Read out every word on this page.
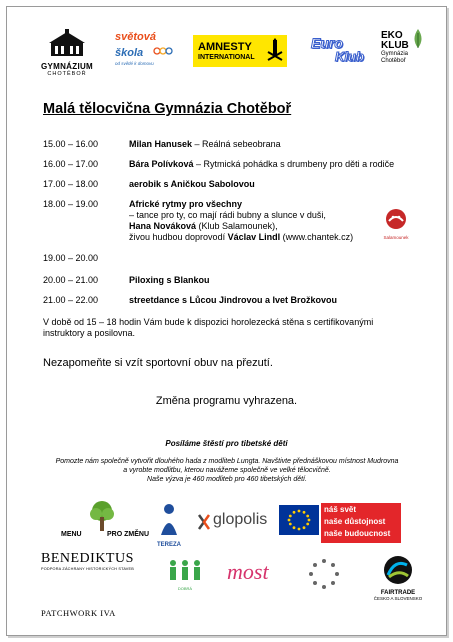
GYMNÁZIUM
CHOTĚBOŘ
světová
škola
od světlé k domovu
AMNESTY
INTERNATIONAL
Euro
Klub
EKO
KLUB
Gymnázia
Chotěboř
Malá tělocvična Gymnázia Chotěboř
15.00 – 16.00	Milan Hanusek – Reálná sebeobrana
16.00 – 17.00	Bára Polívková – Rytmická pohádka s drumbeny pro děti a rodiče
17.00 – 18.00	aerobik s Aničkou Sabolovou
18.00 – 19.00	Africké rytmy pro všechny
– tance pro ty, co mají rádi bubny a slunce v duši,
Hana Nováková (Klub Salamounek),
živou hudbou doprovodí Václav Lindl (www.chantek.cz)	Salamounek
19.00 – 20.00
20.00 – 21.00	Piloxing s Blankou
21.00 – 22.00	streetdance s Lůcou Jindrovou a Ivet Brožkovou
V době od 15 – 18 hodin Vám bude k dispozici horolezecká stěna s certifikovanými instruktory a posilovna.
Nezapomeňte si vzít sportovní obuv na přezutí.
Změna programu vyhrazena.
Posíláme štěstí pro tibetské děti
Pomozte nám společně vytvořit dlouhého hada z modliteb Lungta. Navštivte přednáškovou místnost Mudrovna
a vyrobte modlitbu, kterou navážeme společně ve velké tělocvičně.
Naše výzva je 460 modliteb pro 460 tibetských dětí.
MENU	PRO ZMĚNU
TEREZA
glopolis
náš svět
naše důstojnost
naše budoucnost
BENEDIKTUS
PODPORA ZÁCHRANY HISTORICKÝCH STAVEB
PATCHWORK IVA
DOBRÁ
most
FAIRTRADE
ČESKO A SLOVENSKO
